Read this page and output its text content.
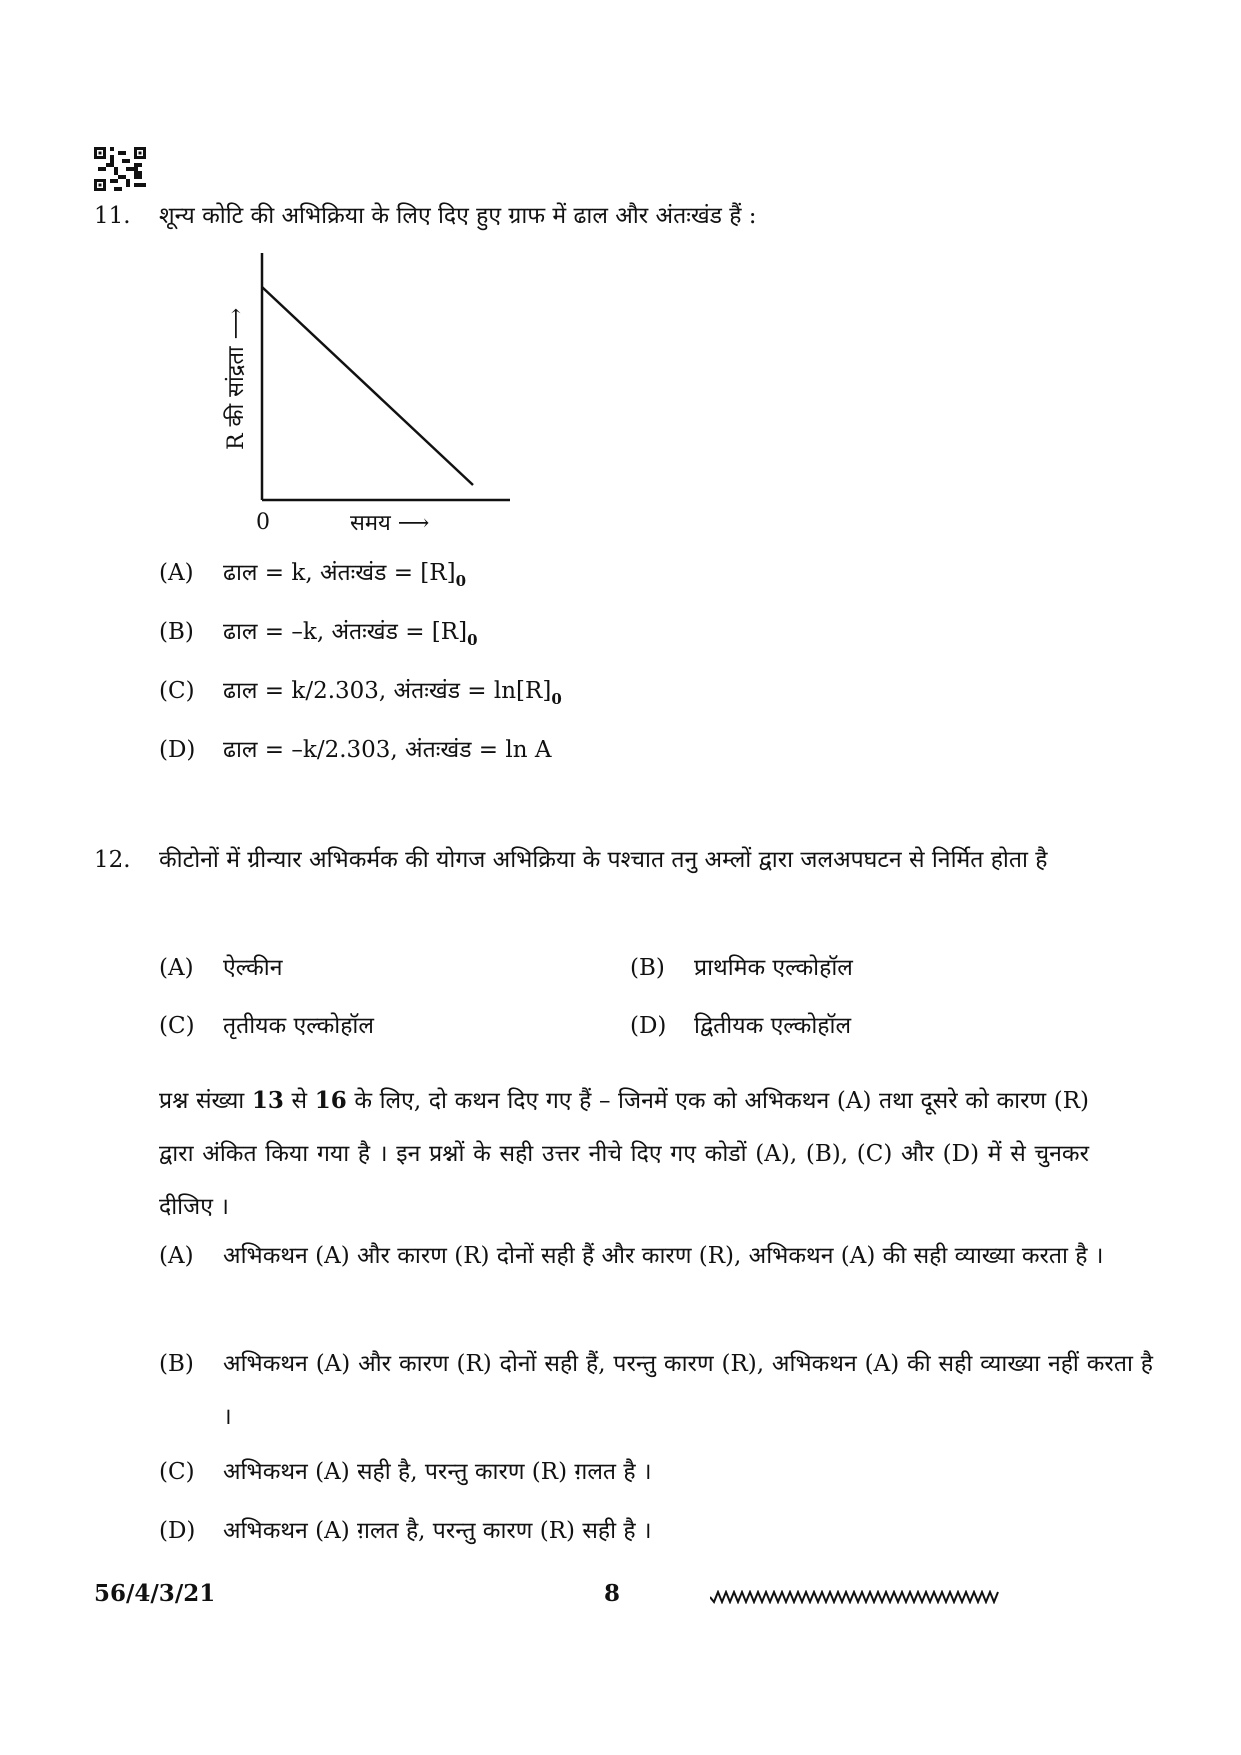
11. शून्य कोटि की अभिक्रिया के लिए दिए हुए ग्राफ में ढाल और अंतःखंड हैं :
0	समय ⟶
R की सांद्रता ⟶
(A) ढाल = k, अंतःखंड = $[R]_0$
(B) ढाल = –k, अंतःखंड = $[R]_0$
(C) ढाल = k/2.303, अंतःखंड = $\ln[R]_0$
(D) ढाल = –k/2.303, अंतःखंड = ln A
12. कीटोनों में ग्रीन्यार अभिकर्मक की योगज अभिक्रिया के पश्चात तनु अम्लों द्वारा जलअपघटन से निर्मित होता है
(A) ऐल्कीन	(B) प्राथमिक एल्कोहॉल
(C) तृतीयक एल्कोहॉल	(D) द्वितीयक एल्कोहॉल
प्रश्न संख्या 13 से 16 के लिए, दो कथन दिए गए हैं – जिनमें एक को अभिकथन (A) तथा दूसरे को कारण (R) द्वारा अंकित किया गया है । इन प्रश्नों के सही उत्तर नीचे दिए गए कोडों (A), (B), (C) और (D) में से चुनकर दीजिए ।
(A) अभिकथन (A) और कारण (R) दोनों सही हैं और कारण (R), अभिकथन (A) की सही व्याख्या करता है ।
(B) अभिकथन (A) और कारण (R) दोनों सही हैं, परन्तु कारण (R), अभिकथन (A) की सही व्याख्या नहीं करता है ।
(C) अभिकथन (A) सही है, परन्तु कारण (R) ग़लत है ।
(D) अभिकथन (A) ग़लत है, परन्तु कारण (R) सही है ।
56/4/3/21	8
